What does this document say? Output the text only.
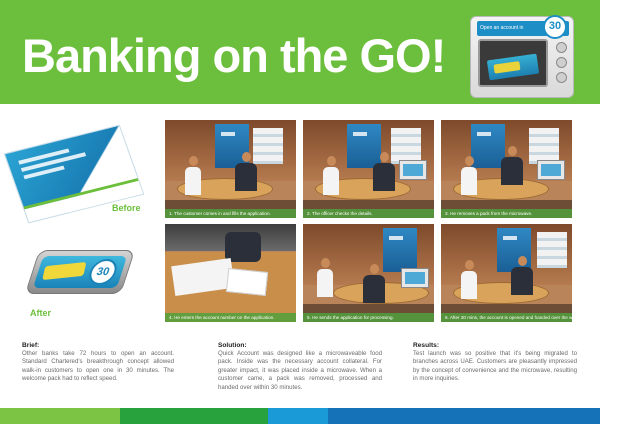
Banking on the GO!
Open an account in	30
Before
30
After
1. The customer comes in and fills the application.	2. The officer checks the details.	3. He removes a pack from the microwave.
4. He enters the account number on the application.	5. He sends the application for processing.	6. After 30 mins, the account is opened and handed over the welcome pack to the customer.
Brief:

Other banks take 72 hours to open an account. Standard Chartered's breakthrough concept allowed walk-in customers to open one in 30 minutes. The welcome pack had to reflect speed.

Solution:

Quick Account was designed like a microwaveable food pack. Inside was the necessary account collateral. For greater impact, it was placed inside a microwave. When a customer came, a pack was removed, processed and handed over within 30 minutes.

Results:

Test launch was so positive that it's being migrated to branches across UAE. Customers are pleasantly impressed by the concept of convenience and the microwave, resulting in more inquiries.
